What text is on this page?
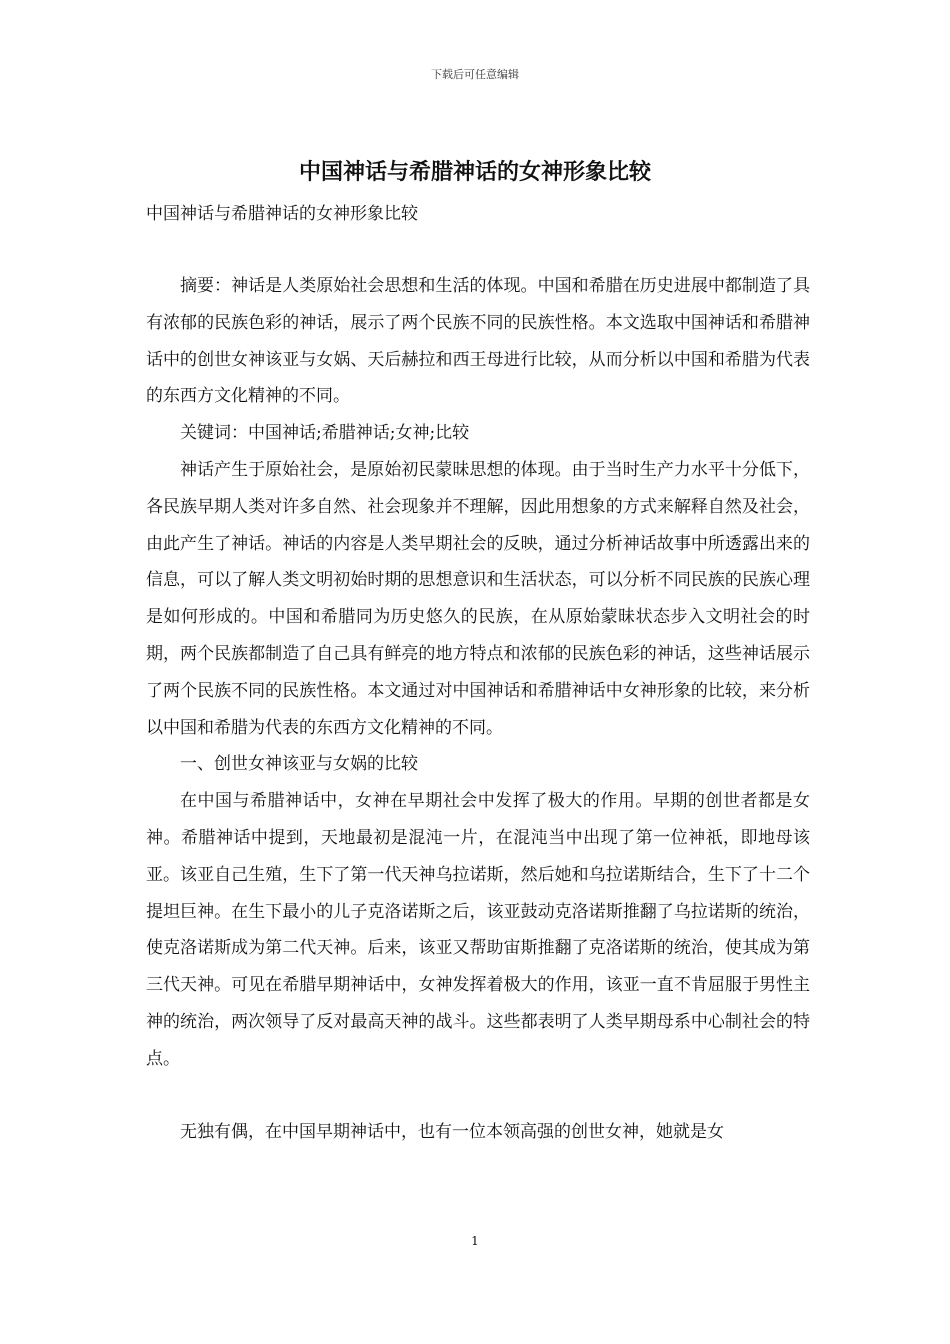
下载后可任意编辑
中国神话与希腊神话的女神形象比较
中国神话与希腊神话的女神形象比较

摘要：神话是人类原始社会思想和生活的体现。中国和希腊在历史进展中都制造了具有浓郁的民族色彩的神话，展示了两个民族不同的民族性格。本文选取中国神话和希腊神话中的创世女神该亚与女娲、天后赫拉和西王母进行比较，从而分析以中国和希腊为代表的东西方文化精神的不同。

关键词：中国神话;希腊神话;女神;比较

神话产生于原始社会，是原始初民蒙昧思想的体现。由于当时生产力水平十分低下，各民族早期人类对许多自然、社会现象并不理解，因此用想象的方式来解释自然及社会，由此产生了神话。神话的内容是人类早期社会的反映，通过分析神话故事中所透露出来的信息，可以了解人类文明初始时期的思想意识和生活状态，可以分析不同民族的民族心理是如何形成的。中国和希腊同为历史悠久的民族，在从原始蒙昧状态步入文明社会的时期，两个民族都制造了自己具有鲜亮的地方特点和浓郁的民族色彩的神话，这些神话展示了两个民族不同的民族性格。本文通过对中国神话和希腊神话中女神形象的比较，来分析以中国和希腊为代表的东西方文化精神的不同。

一、创世女神该亚与女娲的比较

在中国与希腊神话中，女神在早期社会中发挥了极大的作用。早期的创世者都是女神。希腊神话中提到，天地最初是混沌一片，在混沌当中出现了第一位神祇，即地母该亚。该亚自己生殖，生下了第一代天神乌拉诺斯，然后她和乌拉诺斯结合，生下了十二个提坦巨神。在生下最小的儿子克洛诺斯之后，该亚鼓动克洛诺斯推翻了乌拉诺斯的统治，使克洛诺斯成为第二代天神。后来，该亚又帮助宙斯推翻了克洛诺斯的统治，使其成为第三代天神。可见在希腊早期神话中，女神发挥着极大的作用，该亚一直不肯屈服于男性主神的统治，两次领导了反对最高天神的战斗。这些都表明了人类早期母系中心制社会的特点。

无独有偶，在中国早期神话中，也有一位本领高强的创世女神，她就是女

1
